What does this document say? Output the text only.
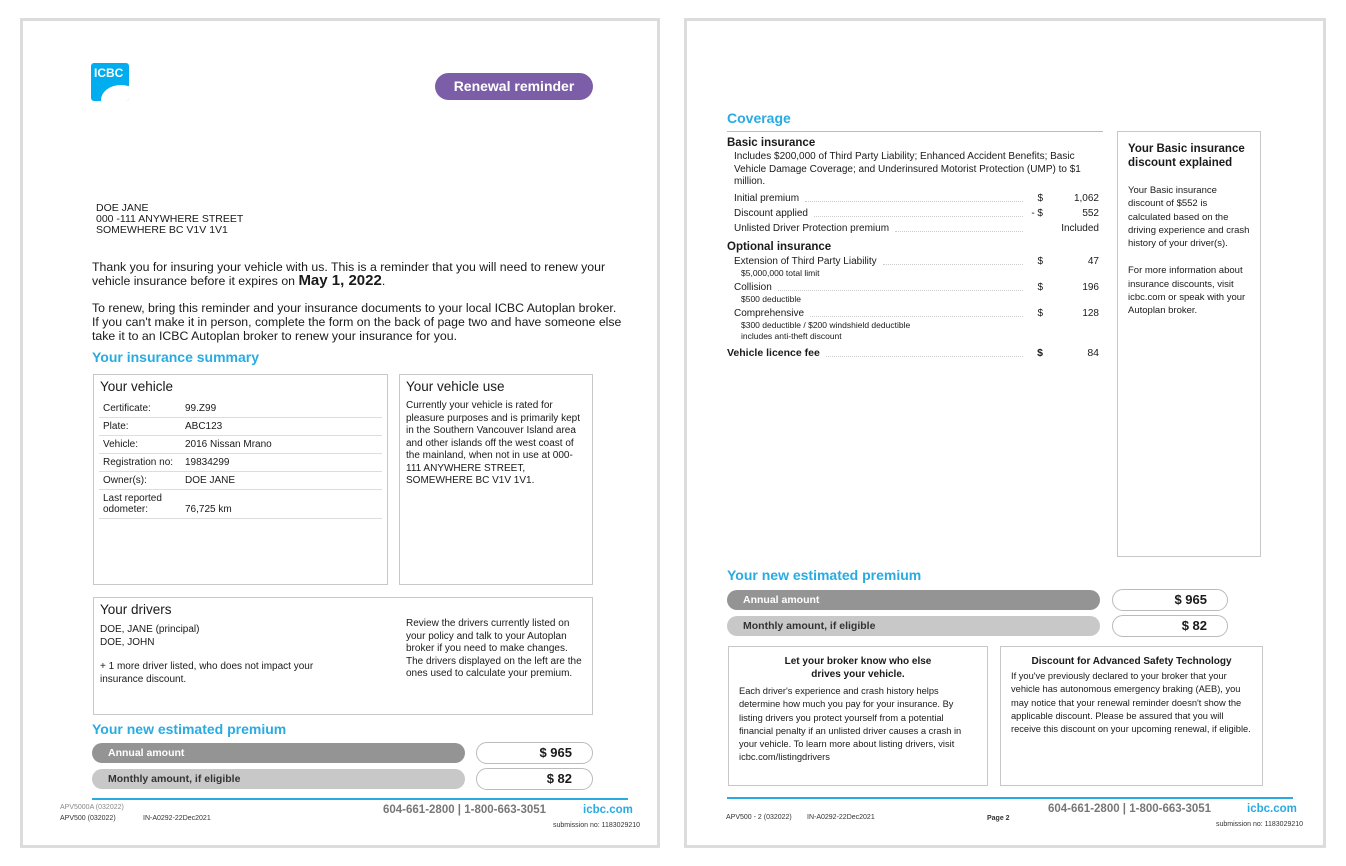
ICBC
Renewal reminder
DOE JANE
000 -111 ANYWHERE STREET
SOMEWHERE BC V1V 1V1
Thank you for insuring your vehicle with us. This is a reminder that you will need to renew your vehicle insurance before it expires on May 1, 2022.
To renew, bring this reminder and your insurance documents to your local ICBC Autoplan broker. If you can't make it in person, complete the form on the back of page two and have someone else take it to an ICBC Autoplan broker to renew your insurance for you.
Your insurance summary
Your vehicle
Certificate:	99.Z99
Plate:	ABC123
Vehicle:	2016 Nissan Mrano
Registration no:	19834299
Owner(s):	DOE JANE
Last reported odometer:	76,725 km
Your vehicle use
Currently your vehicle is rated for pleasure purposes and is primarily kept in the Southern Vancouver Island area and other islands off the west coast of the mainland, when not in use at 000-111 ANYWHERE STREET, SOMEWHERE BC V1V 1V1.
Your drivers
DOE, JANE (principal)
DOE, JOHN
+ 1 more driver listed, who does not impact your insurance discount.
Review the drivers currently listed on your policy and talk to your Autoplan broker if you need to make changes. The drivers displayed on the left are the ones used to calculate your premium.
Your new estimated premium
Annual amount	$ 965
Monthly amount, if eligible	$ 82
APV5000A (032022)
APV500 (032022)	IN-A0292-22Dec2021
604-661-2800 | 1-800-663-3051	icbc.com
submission no: 1183029210
Coverage
Basic insurance
Includes $200,000 of Third Party Liability; Enhanced Accident Benefits; Basic Vehicle Damage Coverage; and Underinsured Motorist Protection (UMP) to $1 million.
Initial premium	$	1,062
Discount applied	- $	552
Unlisted Driver Protection premium	Included
Optional insurance
Extension of Third Party Liability	$	47
$5,000,000 total limit
Collision	$	196
$500 deductible
Comprehensive	$	128
$300 deductible / $200 windshield deductible
includes anti-theft discount
Vehicle licence fee	$	84
Your Basic insurance discount explained
Your Basic insurance discount of $552 is calculated based on the driving experience and crash history of your driver(s).
For more information about insurance discounts, visit icbc.com or speak with your Autoplan broker.
Your new estimated premium
Annual amount	$ 965
Monthly amount, if eligible	$ 82
Let your broker know who else drives your vehicle.
Each driver's experience and crash history helps determine how much you pay for your insurance. By listing drivers you protect yourself from a potential financial penalty if an unlisted driver causes a crash in your vehicle. To learn more about listing drivers, visit icbc.com/listingdrivers
Discount for Advanced Safety Technology
If you've previously declared to your broker that your vehicle has autonomous emergency braking (AEB), you may notice that your renewal reminder doesn't show the applicable discount. Please be assured that you will receive this discount on your upcoming renewal, if eligible.
APV500 - 2 (032022) IN-A0292-22Dec2021	Page 2
604-661-2800 | 1-800-663-3051	icbc.com
submission no: 1183029210
